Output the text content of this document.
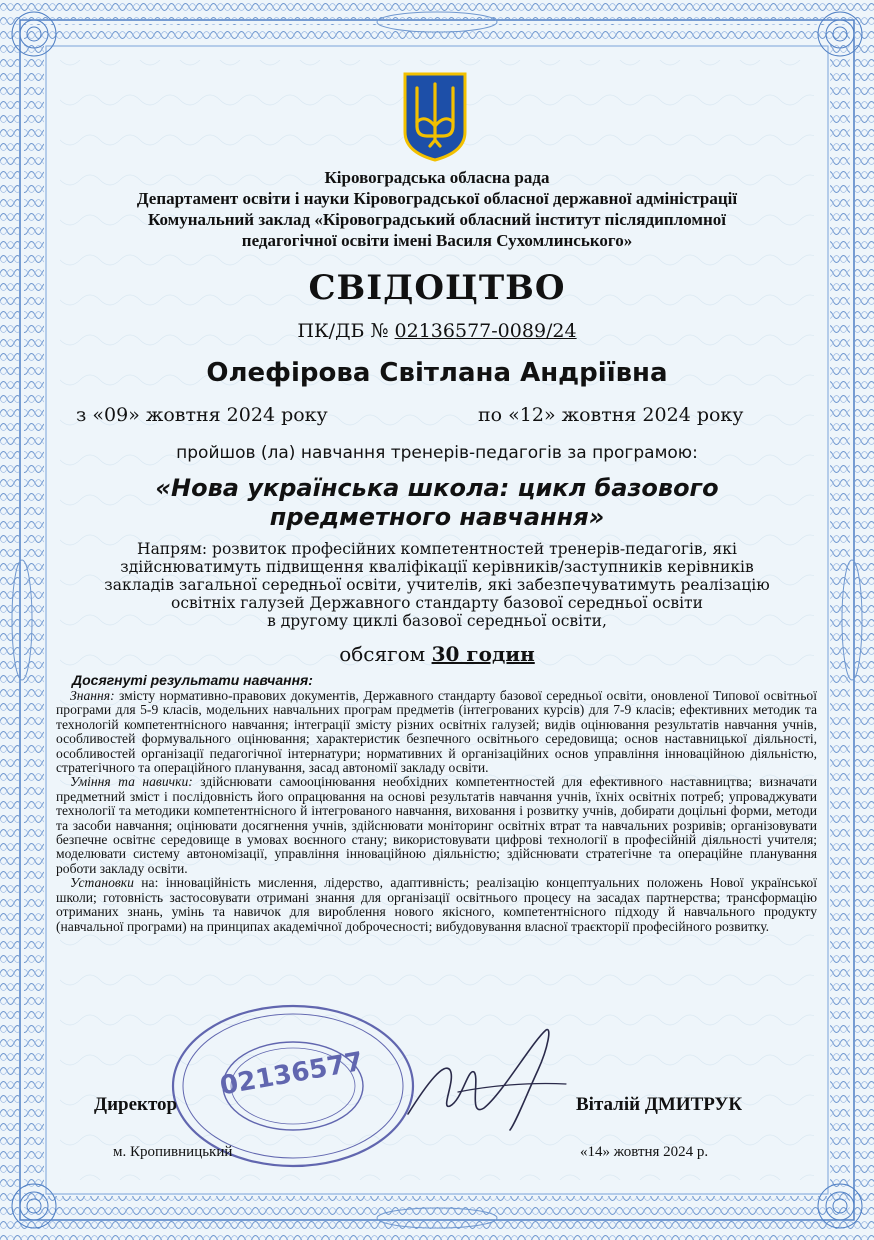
Кіровоградська обласна рада
Департамент освіти і науки Кіровоградської обласної державної адміністрації
Комунальний заклад «Кіровоградський обласний інститут післядипломної
педагогічної освіти імені Василя Сухомлинського»
СВІДОЦТВО
ПК/ДБ № 02136577-0089/24
Олефірова Світлана Андріївна
з «09» жовтня 2024 року	по «12» жовтня 2024 року
пройшов (ла) навчання тренерів-педагогів за програмою:
«Нова українська школа: цикл базового
предметного навчання»
Напрям: розвиток професійних компетентностей тренерів-педагогів, які
здійснюватимуть підвищення кваліфікації керівників/заступників керівників
закладів загальної середньої освіти, учителів, які забезпечуватимуть реалізацію
освітніх галузей Державного стандарту базової середньої освіти
в другому циклі базової середньої освіти,
обсягом 30 годин
Досягнуті результати навчання:
Знання: змісту нормативно-правових документів, Державного стандарту базової середньої освіти, оновленої Типової освітньої програми для 5-9 класів, модельних навчальних програм предметів (інтегрованих курсів) для 7-9 класів; ефективних методик та технологій компетентнісного навчання; інтеграції змісту різних освітніх галузей; видів оцінювання результатів навчання учнів, особливостей формувального оцінювання; характеристик безпечного освітнього середовища; основ наставницької діяльності, особливостей організації педагогічної інтернатури; нормативних й організаційних основ управління інноваційною діяльністю, стратегічного та операційного планування, засад автономії закладу освіти.
Уміння та навички: здійснювати самооцінювання необхідних компетентностей для ефективного наставництва; визначати предметний зміст і послідовність його опрацювання на основі результатів навчання учнів, їхніх освітніх потреб; упроваджувати технології та методики компетентнісного й інтегрованого навчання, виховання і розвитку учнів, добирати доцільні форми, методи та засоби навчання; оцінювати досягнення учнів, здійснювати моніторинг освітніх втрат та навчальних розривів; організовувати безпечне освітнє середовище в умовах воєнного стану; використовувати цифрові технології в професійній діяльності учителя; моделювати систему автономізації, управління інноваційною діяльністю; здійснювати стратегічне та операційне планування роботи закладу освіти.
Установки на: інноваційність мислення, лідерство, адаптивність; реалізацію концептуальних положень Нової української школи; готовність застосовувати отримані знання для організації освітнього процесу на засадах партнерства; трансформацію отриманих знань, умінь та навичок для вироблення нового якісного, компетентнісного підходу й навчального продукту (навчальної програми) на принципах академічної доброчесності; вибудовування власної траєкторії професійного розвитку.
02136577
Директор	Віталій ДМИТРУК
м. Кропивницький	«14» жовтня 2024 р.
